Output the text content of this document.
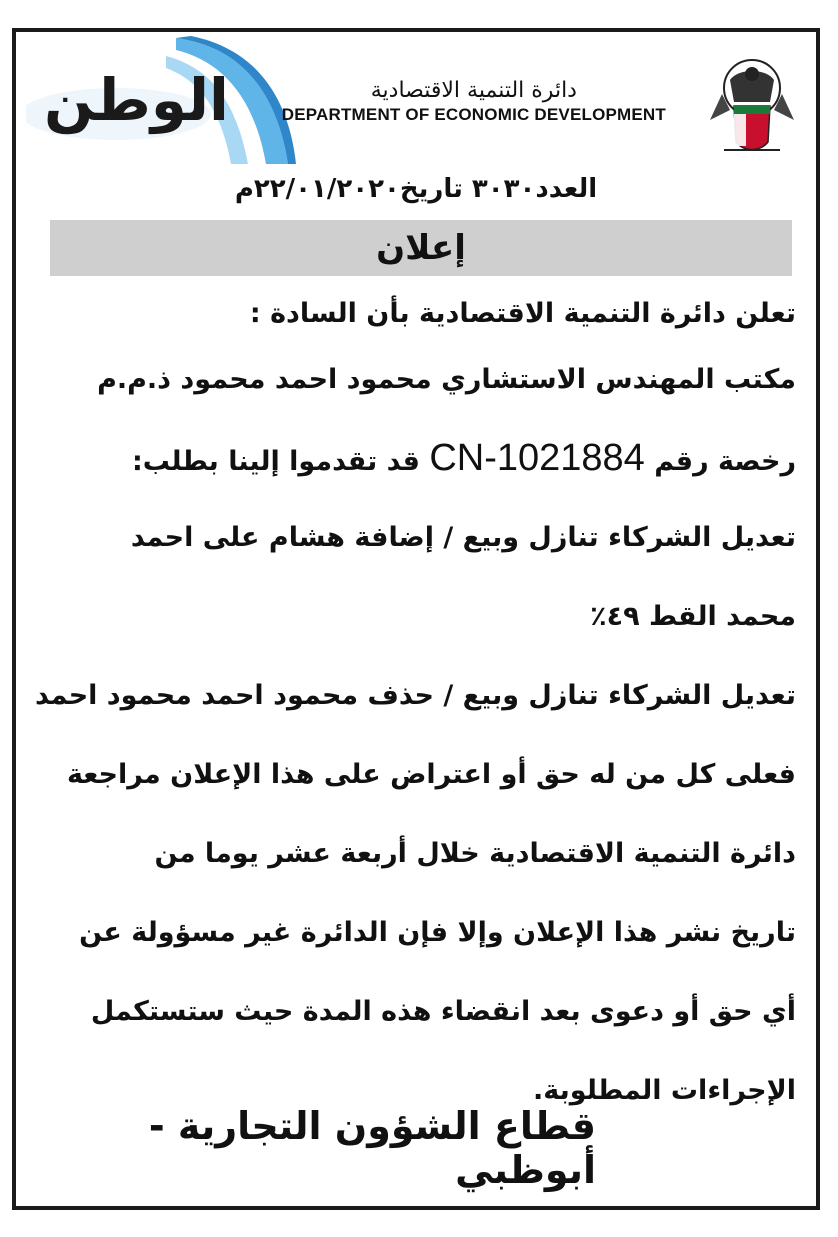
الوطن	دائرة التنمية الاقتصادية
DEPARTMENT OF ECONOMIC DEVELOPMENT
العدد٣٠٣٠ تاريخ٢٢/٠١/٢٠٢٠م
إعلان
تعلن دائرة التنمية الاقتصادية بأن السادة :
مكتب المهندس الاستشاري محمود احمد محمود ذ.م.م
رخصة رقم CN-1021884 قد تقدموا إلينا بطلب:
تعديل الشركاء تنازل وبيع / إضافة هشام على احمد
محمد القط ٤٩٪
تعديل الشركاء تنازل وبيع / حذف محمود احمد محمود احمد
فعلى كل من له حق أو اعتراض على هذا الإعلان مراجعة
دائرة التنمية الاقتصادية خلال أربعة عشر يوما من
تاريخ نشر هذا الإعلان وإلا فإن الدائرة غير مسؤولة عن
أي حق أو دعوى بعد انقضاء هذه المدة حيث ستستكمل
الإجراءات المطلوبة.
قطاع الشؤون التجارية - أبوظبي
